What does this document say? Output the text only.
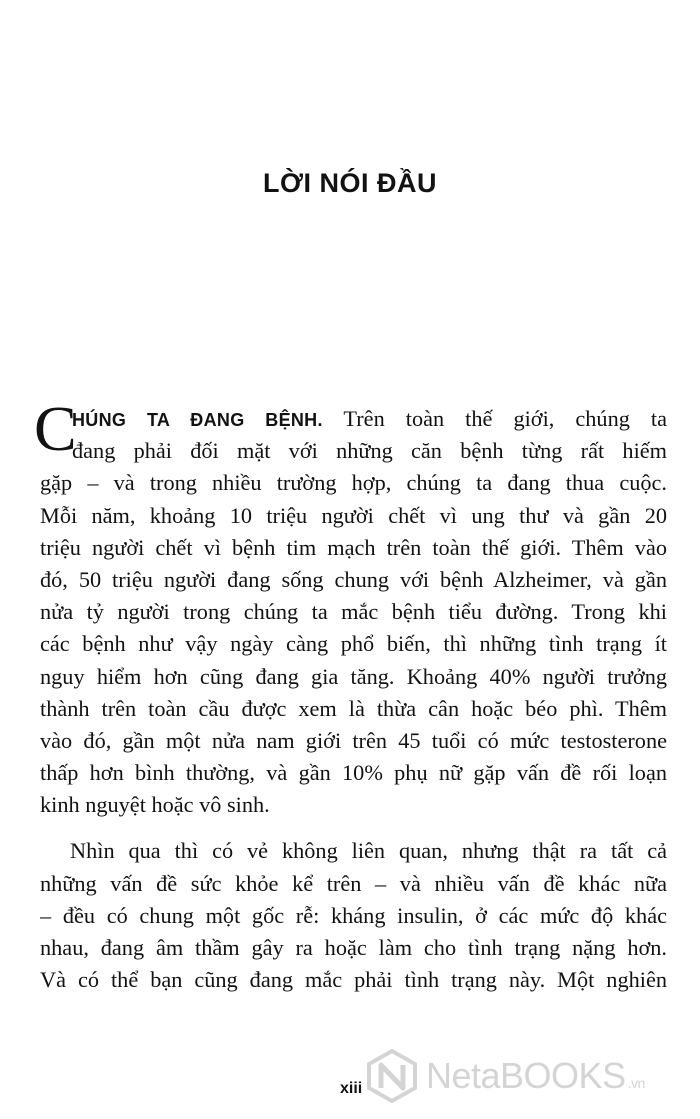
LỜI NÓI ĐẦU
C
HÚNG TA ĐANG BỆNH. Trên toàn thế giới, chúng ta
đang phải đối mặt với những căn bệnh từng rất hiếm
gặp – và trong nhiều trường hợp, chúng ta đang thua cuộc.
Mỗi năm, khoảng 10 triệu người chết vì ung thư và gần 20
triệu người chết vì bệnh tim mạch trên toàn thế giới. Thêm vào
đó, 50 triệu người đang sống chung với bệnh Alzheimer, và gần
nửa tỷ người trong chúng ta mắc bệnh tiểu đường. Trong khi
các bệnh như vậy ngày càng phổ biến, thì những tình trạng ít
nguy hiểm hơn cũng đang gia tăng. Khoảng 40% người trưởng
thành trên toàn cầu được xem là thừa cân hoặc béo phì. Thêm
vào đó, gần một nửa nam giới trên 45 tuổi có mức testosterone
thấp hơn bình thường, và gần 10% phụ nữ gặp vấn đề rối loạn
kinh nguyệt hoặc vô sinh.
Nhìn qua thì có vẻ không liên quan, nhưng thật ra tất cả
những vấn đề sức khỏe kể trên – và nhiều vấn đề khác nữa
– đều có chung một gốc rễ: kháng insulin, ở các mức độ khác
nhau, đang âm thầm gây ra hoặc làm cho tình trạng nặng hơn.
Và có thể bạn cũng đang mắc phải tình trạng này. Một nghiên
xiii NetaBOOKS .vn
